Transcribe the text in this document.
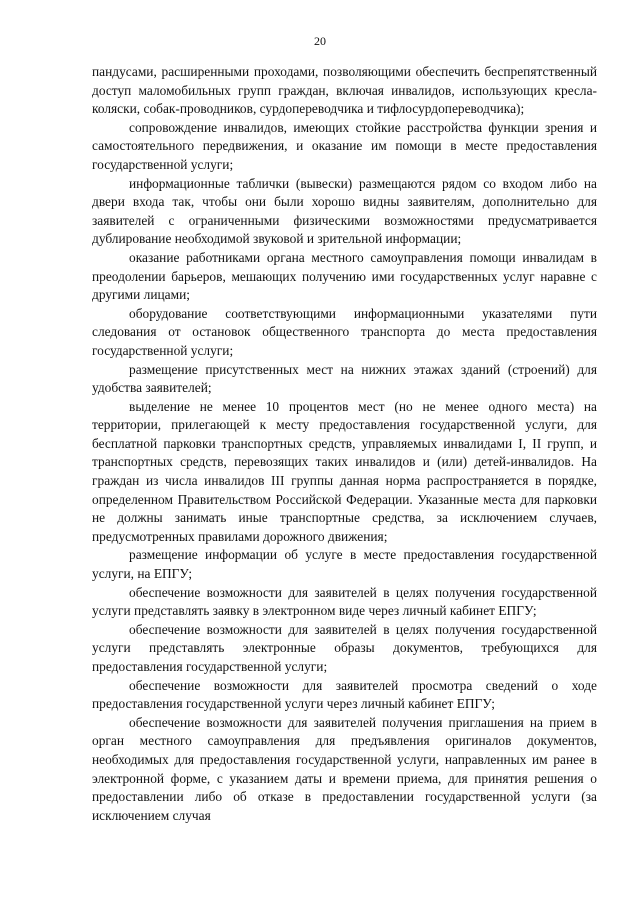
20

пандусами, расширенными проходами, позволяющими обеспечить беспрепятственный доступ маломобильных групп граждан, включая инвалидов, использующих кресла-коляски, собак-проводников, сурдопереводчика и тифлосурдопереводчика);

сопровождение инвалидов, имеющих стойкие расстройства функции зрения и самостоятельного передвижения, и оказание им помощи в месте предоставления государственной услуги;

информационные таблички (вывески) размещаются рядом со входом либо на двери входа так, чтобы они были хорошо видны заявителям, дополнительно для заявителей с ограниченными физическими возможностями предусматривается дублирование необходимой звуковой и зрительной информации;

оказание работниками органа местного самоуправления помощи инвалидам в преодолении барьеров, мешающих получению ими государственных услуг наравне с другими лицами;

оборудование соответствующими информационными указателями пути следования от остановок общественного транспорта до места предоставления государственной услуги;

размещение присутственных мест на нижних этажах зданий (строений) для удобства заявителей;

выделение не менее 10 процентов мест (но не менее одного места) на территории, прилегающей к месту предоставления государственной услуги, для бесплатной парковки транспортных средств, управляемых инвалидами I, II групп, и транспортных средств, перевозящих таких инвалидов и (или) детей-инвалидов. На граждан из числа инвалидов III группы данная норма распространяется в порядке, определенном Правительством Российской Федерации. Указанные места для парковки не должны занимать иные транспортные средства, за исключением случаев, предусмотренных правилами дорожного движения;

размещение информации об услуге в месте предоставления государственной услуги, на ЕПГУ;

обеспечение возможности для заявителей в целях получения государственной услуги представлять заявку в электронном виде через личный кабинет ЕПГУ;

обеспечение возможности для заявителей в целях получения государственной услуги представлять электронные образы документов, требующихся для предоставления государственной услуги;

обеспечение возможности для заявителей просмотра сведений о ходе предоставления государственной услуги через личный кабинет ЕПГУ;

обеспечение возможности для заявителей получения приглашения на прием в орган местного самоуправления для предъявления оригиналов документов, необходимых для предоставления государственной услуги, направленных им ранее в электронной форме, с указанием даты и времени приема, для принятия решения о предоставлении либо об отказе в предоставлении государственной услуги (за исключением случая
